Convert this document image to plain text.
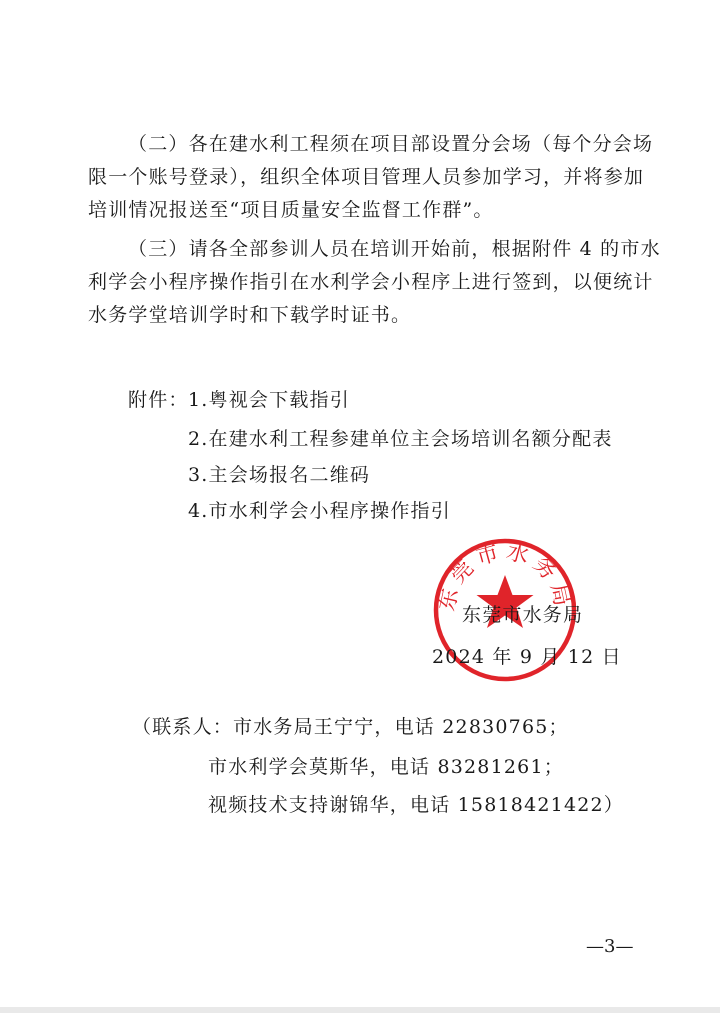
（二）各在建水利工程须在项目部设置分会场（每个分会场
限一个账号登录），组织全体项目管理人员参加学习，并将参加
培训情况报送至“项目质量安全监督工作群”。
（三）请各全部参训人员在培训开始前，根据附件 4 的市水
利学会小程序操作指引在水利学会小程序上进行签到，以便统计
水务学堂培训学时和下载学时证书。
附件： 1.粤视会下载指引
2.在建水利工程参建单位主会场培训名额分配表
3.主会场报名二维码
4.市水利学会小程序操作指引
东莞市水务局
东莞市水务局
2024 年 9 月 12 日
（联系人：市水务局王宁宁，电话 22830765；
市水利学会莫斯华，电话 83281261；
视频技术支持谢锦华，电话 15818421422）
—3—
